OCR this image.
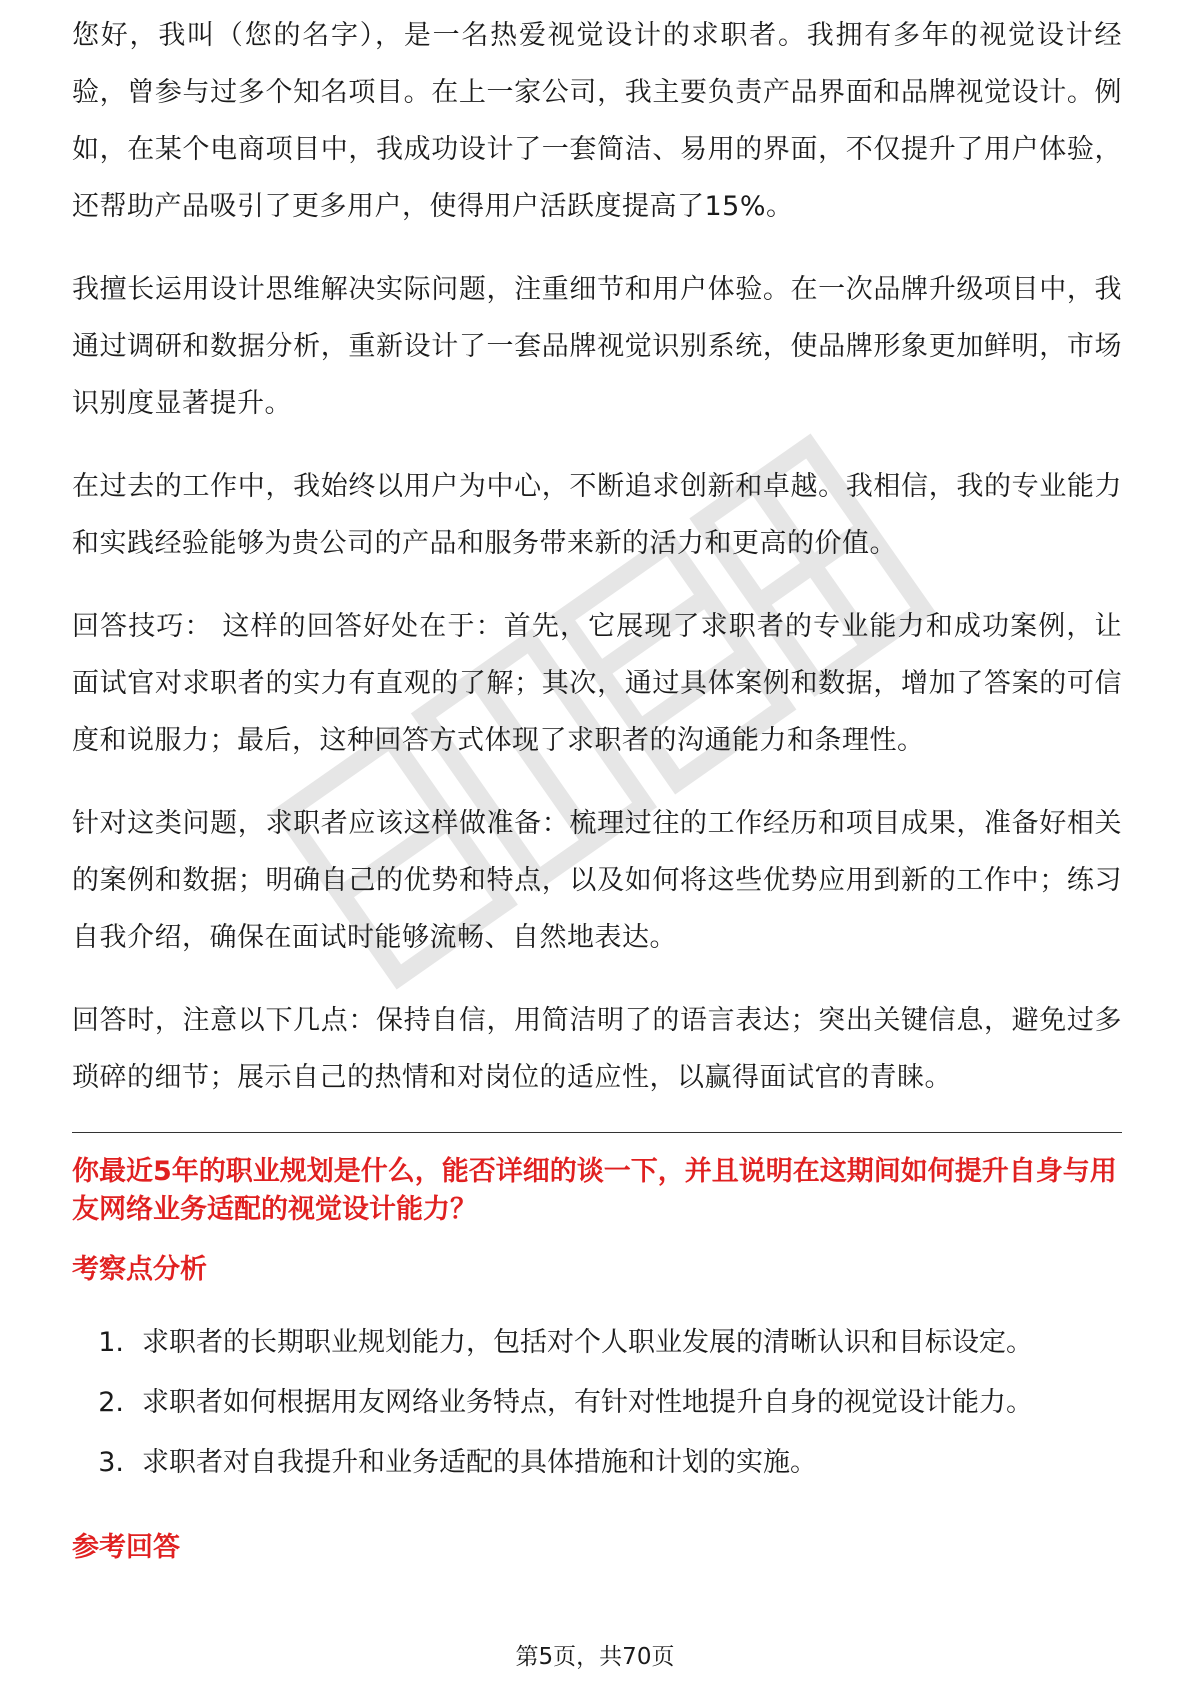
您好，我叫（您的名字），是一名热爱视觉设计的求职者。我拥有多年的视觉设计经验，曾参与过多个知名项目。在上一家公司，我主要负责产品界面和品牌视觉设计。例如，在某个电商项目中，我成功设计了一套简洁、易用的界面，不仅提升了用户体验，还帮助产品吸引了更多用户，使得用户活跃度提高了15%。

我擅长运用设计思维解决实际问题，注重细节和用户体验。在一次品牌升级项目中，我通过调研和数据分析，重新设计了一套品牌视觉识别系统，使品牌形象更加鲜明，市场识别度显著提升。

在过去的工作中，我始终以用户为中心，不断追求创新和卓越。我相信，我的专业能力和实践经验能够为贵公司的产品和服务带来新的活力和更高的价值。

回答技巧： 这样的回答好处在于：首先，它展现了求职者的专业能力和成功案例，让面试官对求职者的实力有直观的了解；其次，通过具体案例和数据，增加了答案的可信度和说服力；最后，这种回答方式体现了求职者的沟通能力和条理性。

针对这类问题，求职者应该这样做准备：梳理过往的工作经历和项目成果，准备好相关的案例和数据；明确自己的优势和特点，以及如何将这些优势应用到新的工作中；练习自我介绍，确保在面试时能够流畅、自然地表达。

回答时，注意以下几点：保持自信，用简洁明了的语言表达；突出关键信息，避免过多琐碎的细节；展示自己的热情和对岗位的适应性，以赢得面试官的青睐。

你最近5年的职业规划是什么，能否详细的谈一下，并且说明在这期间如何提升自身与用友网络业务适配的视觉设计能力？
考察点分析
1. 求职者的长期职业规划能力，包括对个人职业发展的清晰认识和目标设定。
2. 求职者如何根据用友网络业务特点，有针对性地提升自身的视觉设计能力。
3. 求职者对自我提升和业务适配的具体措施和计划的实施。
参考回答
第5页，共70页
